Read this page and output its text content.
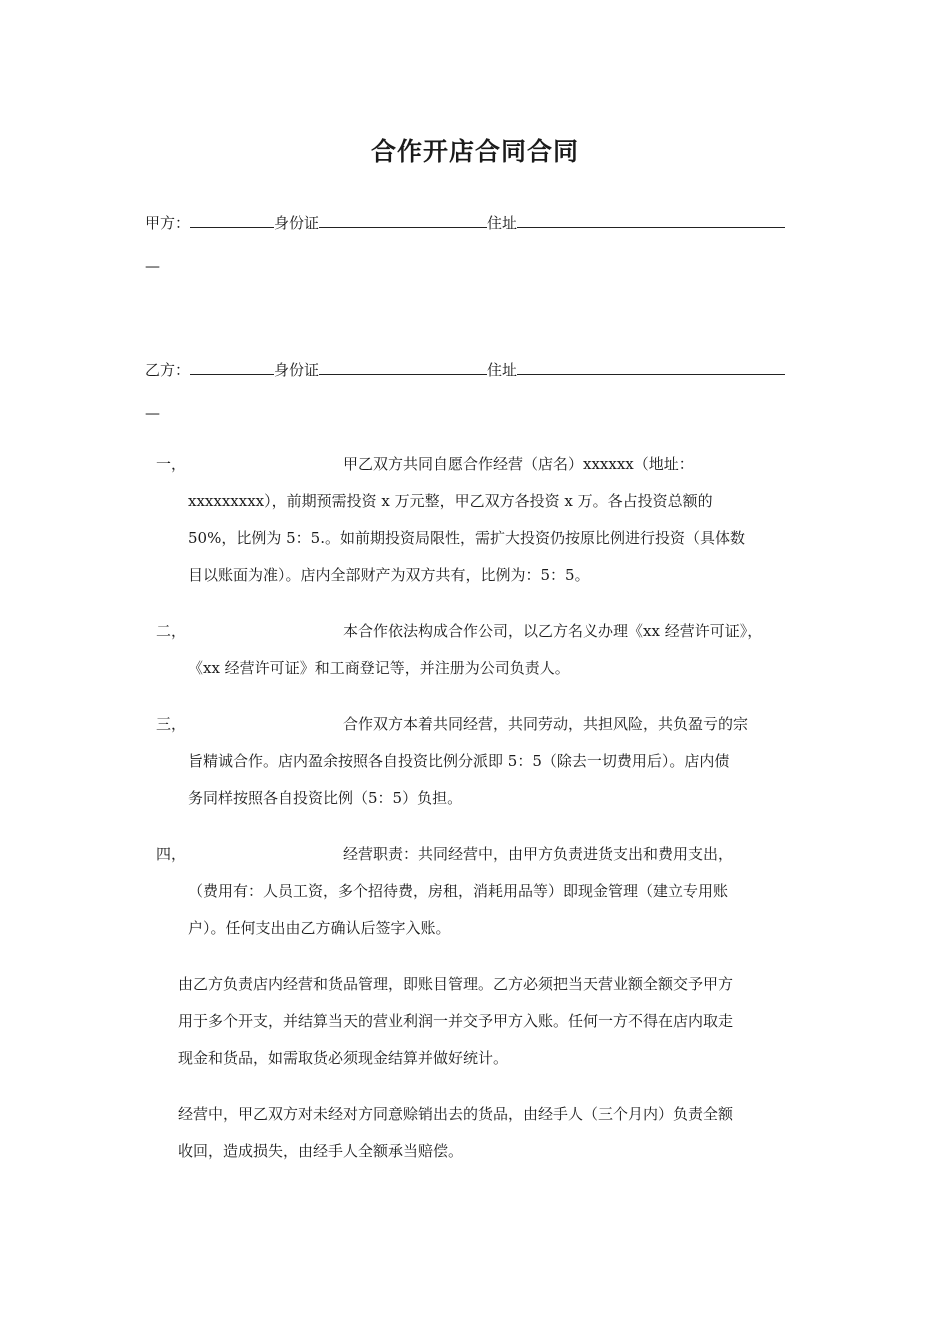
合作开店合同合同
甲方：	身份证	住址
—
乙方：	身份证	住址
—
一，	甲乙双方共同自愿合作经营（店名）xxxxxx（地址：
xxxxxxxxx），前期预需投资 x 万元整，甲乙双方各投资 x 万。各占投资总额的
50%，比例为 5：5.。如前期投资局限性，需扩大投资仍按原比例进行投资（具体数
目以账面为准）。店内全部财产为双方共有，比例为：5：5。
二，	本合作依法构成合作公司，以乙方名义办理《xx 经营许可证》，
《xx 经营许可证》和工商登记等，并注册为公司负责人。
三，	合作双方本着共同经营，共同劳动，共担风险，共负盈亏的宗
旨精诚合作。店内盈余按照各自投资比例分派即 5：5（除去一切费用后）。店内债
务同样按照各自投资比例（5：5）负担。
四，	经营职责：共同经营中，由甲方负责进货支出和费用支出，
（费用有：人员工资，多个招待费，房租，消耗用品等）即现金管理（建立专用账
户）。任何支出由乙方确认后签字入账。
由乙方负责店内经营和货品管理，即账目管理。乙方必须把当天营业额全额交予甲方
用于多个开支，并结算当天的营业利润一并交予甲方入账。任何一方不得在店内取走
现金和货品，如需取货必须现金结算并做好统计。
经营中，甲乙双方对未经对方同意赊销出去的货品，由经手人（三个月内）负责全额
收回，造成损失，由经手人全额承当赔偿。
